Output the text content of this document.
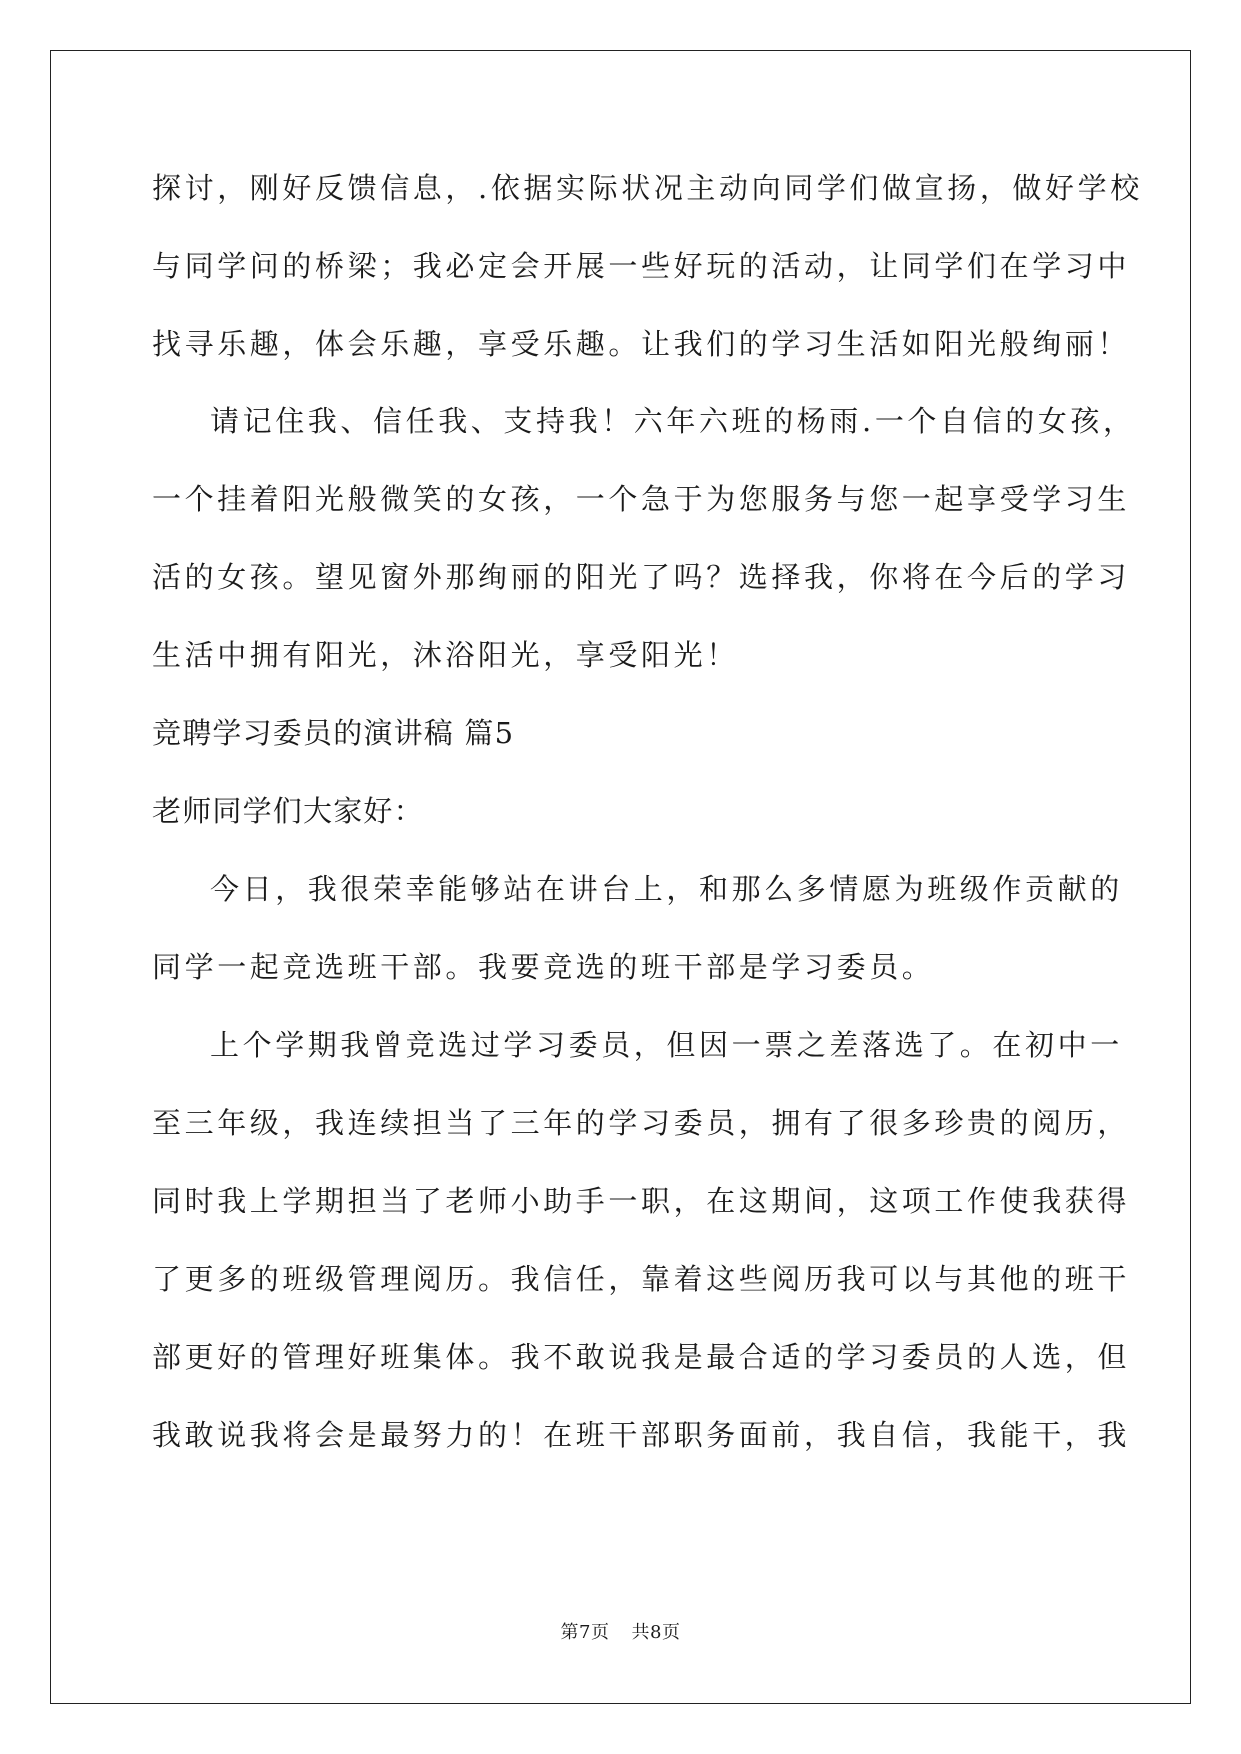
探讨，刚好反馈信息，.依据实际状况主动向同学们做宣扬，做好学校
与同学问的桥梁；我必定会开展一些好玩的活动，让同学们在学习中
找寻乐趣，体会乐趣，享受乐趣。让我们的学习生活如阳光般绚丽！
请记住我、信任我、支持我！六年六班的杨雨.一个自信的女孩，
一个挂着阳光般微笑的女孩，一个急于为您服务与您一起享受学习生
活的女孩。望见窗外那绚丽的阳光了吗？选择我，你将在今后的学习
生活中拥有阳光，沐浴阳光，享受阳光！
竞聘学习委员的演讲稿 篇5
老师同学们大家好：
今日，我很荣幸能够站在讲台上，和那么多情愿为班级作贡献的
同学一起竞选班干部。我要竞选的班干部是学习委员。
上个学期我曾竞选过学习委员，但因一票之差落选了。在初中一
至三年级，我连续担当了三年的学习委员，拥有了很多珍贵的阅历，
同时我上学期担当了老师小助手一职，在这期间，这项工作使我获得
了更多的班级管理阅历。我信任，靠着这些阅历我可以与其他的班干
部更好的管理好班集体。我不敢说我是最合适的学习委员的人选，但
我敢说我将会是最努力的！在班干部职务面前，我自信，我能干，我
第7页 共8页
